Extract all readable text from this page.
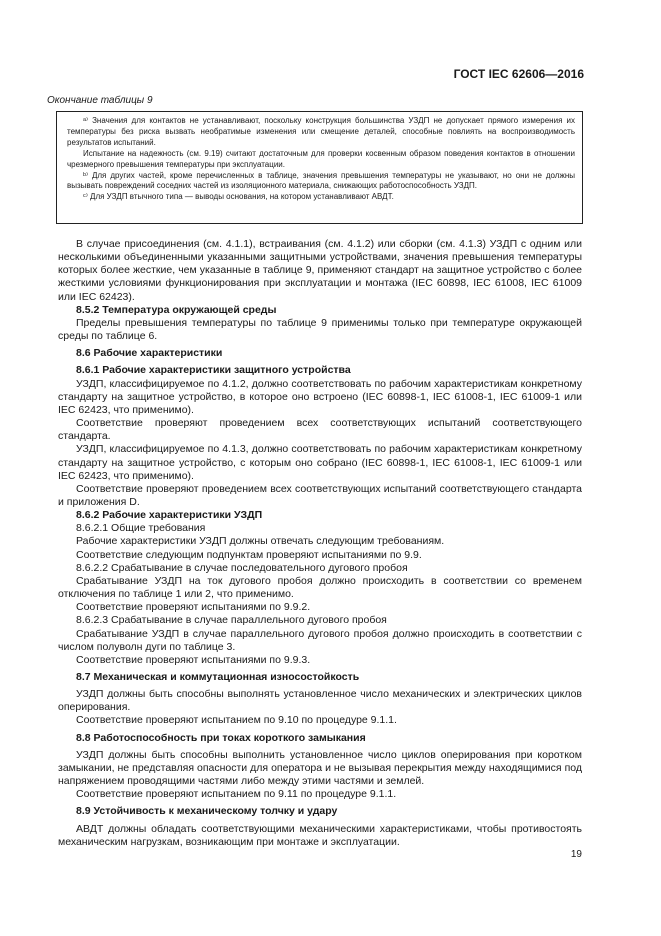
ГОСТ IEC 62606—2016
Окончание таблицы 9

ᵃ⁾ Значения для контактов не устанавливают, поскольку конструкция большинства УЗДП не допускает прямого измерения их температуры без риска вызвать необратимые изменения или смещение деталей, способные повлиять на воспроизводимость результатов испытаний.

Испытание на надежность (см. 9.19) считают достаточным для проверки косвенным образом поведения контактов в отношении чрезмерного превышения температуры при эксплуатации.

ᵇ⁾ Для других частей, кроме перечисленных в таблице, значения превышения температуры не указывают, но они не должны вызывать повреждений соседних частей из изоляционного материала, снижающих работоспособность УЗДП.

ᶜ⁾ Для УЗДП втычного типа — выводы основания, на котором устанавливают АВДТ.

В случае присоединения (см. 4.1.1), встраивания (см. 4.1.2) или сборки (см. 4.1.3) УЗДП с одним или несколькими объединенными указанными защитными устройствами, значения превышения температуры которых более жесткие, чем указанные в таблице 9, применяют стандарт на защитное устройство с более жесткими условиями функционирования при эксплуатации и монтажа (IEC 60898, IEC 61008, IEC 61009 или IEC 62423).

8.5.2 Температура окружающей среды

Пределы превышения температуры по таблице 9 применимы только при температуре окружающей среды по таблице 6.

8.6 Рабочие характеристики

8.6.1 Рабочие характеристики защитного устройства

УЗДП, классифицируемое по 4.1.2, должно соответствовать по рабочим характеристикам конкретному стандарту на защитное устройство, в которое оно встроено (IEC 60898-1, IEC 61008-1, IEC 61009-1 или IEC 62423, что применимо).

Соответствие проверяют проведением всех соответствующих испытаний соответствующего стандарта.

УЗДП, классифицируемое по 4.1.3, должно соответствовать по рабочим характеристикам конкретному стандарту на защитное устройство, с которым оно собрано (IEC 60898-1, IEC 61008-1, IEC 61009-1 или IEC 62423, что применимо).

Соответствие проверяют проведением всех соответствующих испытаний соответствующего стандарта и приложения D.

8.6.2 Рабочие характеристики УЗДП

8.6.2.1 Общие требования

Рабочие характеристики УЗДП должны отвечать следующим требованиям.

Соответствие следующим подпунктам проверяют испытаниями по 9.9.

8.6.2.2 Срабатывание в случае последовательного дугового пробоя

Срабатывание УЗДП на ток дугового пробоя должно происходить в соответствии со временем отключения по таблице 1 или 2, что применимо.

Соответствие проверяют испытаниями по 9.9.2.

8.6.2.3 Срабатывание в случае параллельного дугового пробоя

Срабатывание УЗДП в случае параллельного дугового пробоя должно происходить в соответствии с числом полуволн дуги по таблице 3.

Соответствие проверяют испытаниями по 9.9.3.

8.7 Механическая и коммутационная износостойкость

УЗДП должны быть способны выполнять установленное число механических и электрических циклов оперирования.

Соответствие проверяют испытанием по 9.10 по процедуре 9.1.1.

8.8 Работоспособность при токах короткого замыкания

УЗДП должны быть способны выполнить установленное число циклов оперирования при коротком замыкании, не представляя опасности для оператора и не вызывая перекрытия между находящимися под напряжением проводящими частями либо между этими частями и землей.

Соответствие проверяют испытанием по 9.11 по процедуре 9.1.1.

8.9 Устойчивость к механическому толчку и удару

АВДТ должны обладать соответствующими механическими характеристиками, чтобы противостоять механическим нагрузкам, возникающим при монтаже и эксплуатации.

19
